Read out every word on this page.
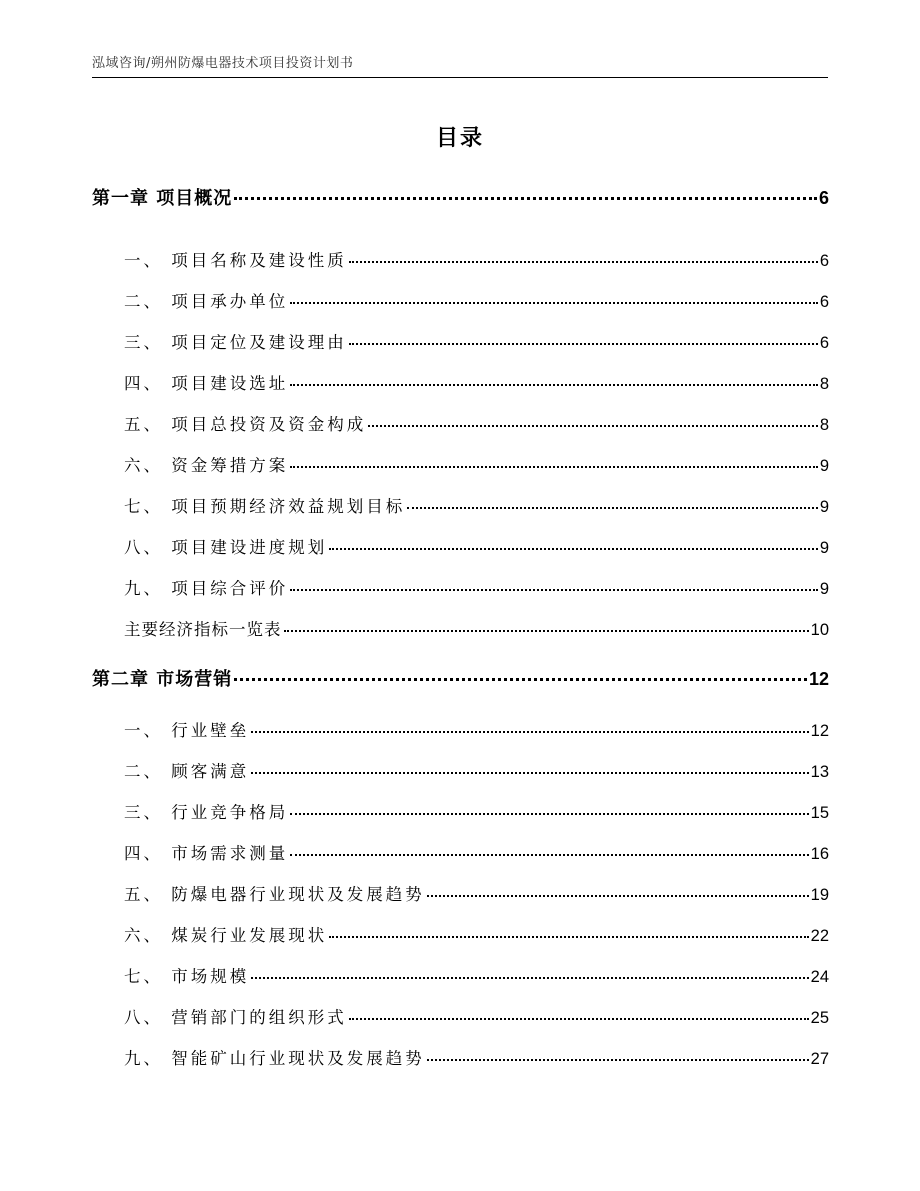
泓域咨询/朔州防爆电器技术项目投资计划书
目录
第一章 项目概况	6
一、 项目名称及建设性质	6
二、 项目承办单位	6
三、 项目定位及建设理由	6
四、 项目建设选址	8
五、 项目总投资及资金构成	8
六、 资金筹措方案	9
七、 项目预期经济效益规划目标	9
八、 项目建设进度规划	9
九、 项目综合评价	9
主要经济指标一览表	10
第二章 市场营销	12
一、 行业壁垒	12
二、 顾客满意	13
三、 行业竞争格局	15
四、 市场需求测量	16
五、 防爆电器行业现状及发展趋势	19
六、 煤炭行业发展现状	22
七、 市场规模	24
八、 营销部门的组织形式	25
九、 智能矿山行业现状及发展趋势	27
